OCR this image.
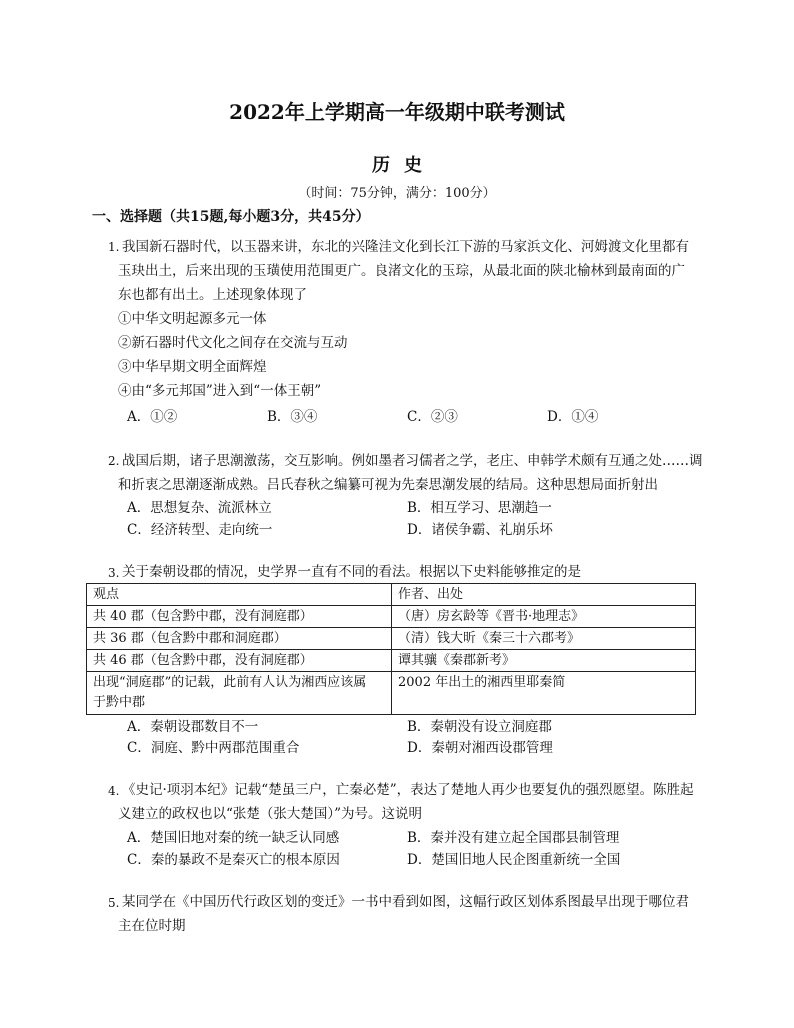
2022年上学期高一年级期中联考测试
历史
（时间：75分钟，满分：100分）
一、选择题（共15题,每小题3分，共45分）
1. 我国新石器时代，以玉器来讲，东北的兴隆洼文化到长江下游的马家浜文化、河姆渡文化里都有
玉玦出土，后来出现的玉璜使用范围更广。良渚文化的玉琮，从最北面的陕北榆林到最南面的广
东也都有出土。上述现象体现了
①中华文明起源多元一体
②新石器时代文化之间存在交流与互动
③中华早期文明全面辉煌
④由“多元邦国”进入到“一体王朝”
A．①②	B．③④	C．②③	D．①④
2. 战国后期，诸子思潮激荡，交互影响。例如墨者习儒者之学，老庄、申韩学术颇有互通之处……调
和折衷之思潮逐渐成熟。吕氏春秋之编纂可视为先秦思潮发展的结局。这种思想局面折射出
A．思想复杂、流派林立	B．相互学习、思潮趋一
C．经济转型、走向统一	D．诸侯争霸、礼崩乐坏
3. 关于秦朝设郡的情况，史学界一直有不同的看法。根据以下史料能够推定的是
观点	作者、出处
共 40 郡（包含黔中郡，没有洞庭郡）	（唐）房玄龄等《晋书·地理志》
共 36 郡（包含黔中郡和洞庭郡）	（清）钱大昕《秦三十六郡考》
共 46 郡（包含黔中郡，没有洞庭郡）	谭其骧《秦郡新考》

出现“洞庭郡”的记载，此前有人认为湘西应该属
于黔中郡	2002 年出土的湘西里耶秦简
A．秦朝设郡数目不一	B．秦朝没有设立洞庭郡
C．洞庭、黔中两郡范围重合	D．秦朝对湘西设郡管理
4. 《史记·项羽本纪》记载“楚虽三户，亡秦必楚”，表达了楚地人再少也要复仇的强烈愿望。陈胜起
义建立的政权也以“张楚（张大楚国）”为号。这说明
A．楚国旧地对秦的统一缺乏认同感	B．秦并没有建立起全国郡县制管理
C．秦的暴政不是秦灭亡的根本原因	D．楚国旧地人民企图重新统一全国
5. 某同学在《中国历代行政区划的变迁》一书中看到如图，这幅行政区划体系图最早出现于哪位君
主在位时期
